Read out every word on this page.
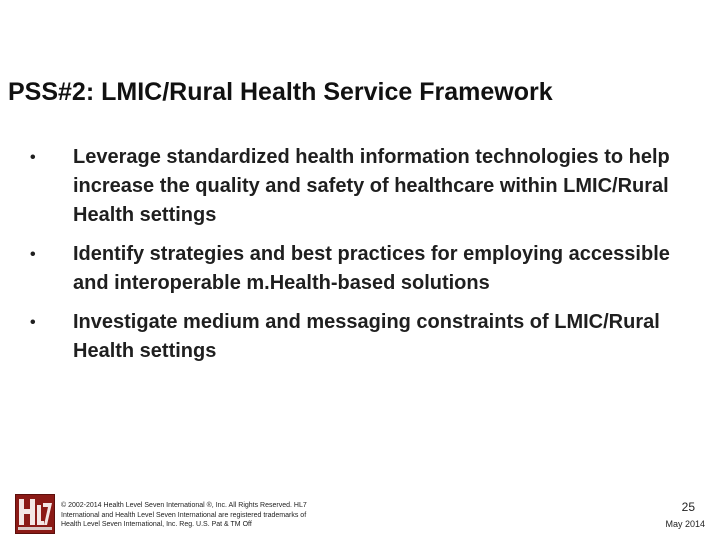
PSS#2: LMIC/Rural Health Service Framework
• Leverage standardized health information technologies to help increase the quality and safety of healthcare within LMIC/Rural Health settings
• Identify strategies and best practices for employing accessible and interoperable m.Health-based solutions
• Investigate medium and messaging constraints of LMIC/Rural Health settings
© 2002-2014 Health Level Seven International ®, Inc. All Rights Reserved. HL7
International and Health Level Seven International are registered trademarks of
Health Level Seven International, Inc. Reg. U.S. Pat & TM Off
25
May 2014
